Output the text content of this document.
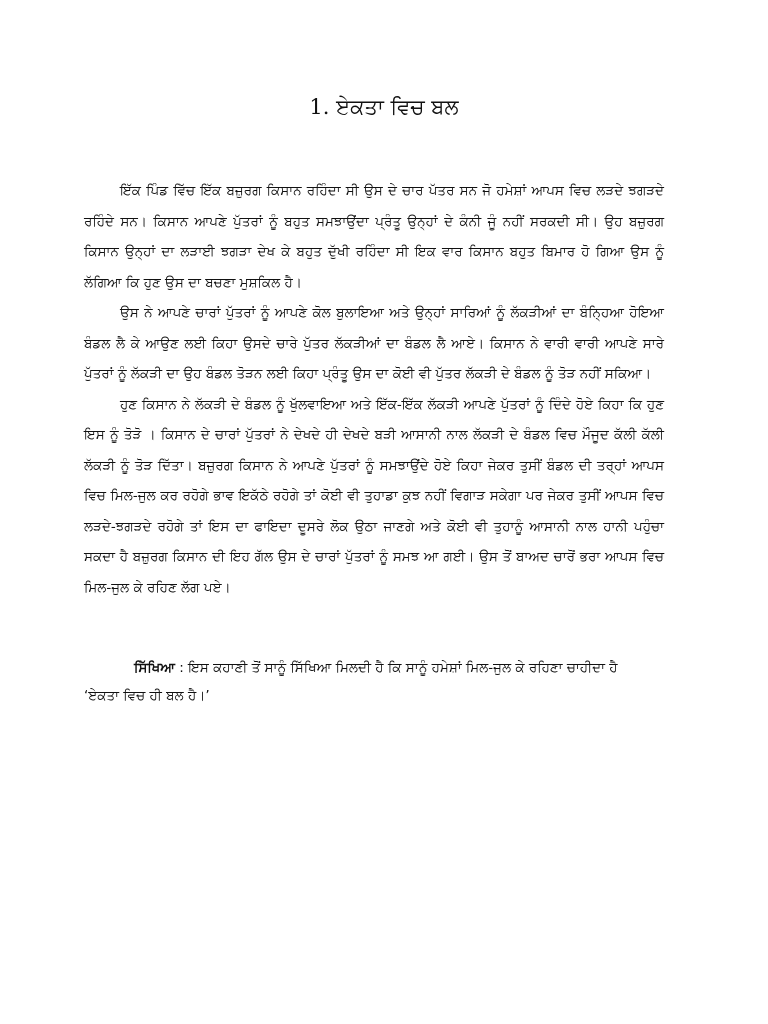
1. ਏਕਤਾ ਵਿਚ ਬਲ

ਇੱਕ ਪਿੰਡ ਵਿੱਚ ਇੱਕ ਬਜ਼ੁਰਗ ਕਿਸਾਨ ਰਹਿੰਦਾ ਸੀ ਉਸ ਦੇ ਚਾਰ ਪੱਤਰ ਸਨ ਜੋ ਹਮੇਸ਼ਾਂ ਆਪਸ ਵਿਚ ਲੜਦੇ ਝਗੜਦੇ ਰਹਿੰਦੇ ਸਨ। ਕਿਸਾਨ ਆਪਣੇ ਪੁੱਤਰਾਂ ਨੂੰ ਬਹੁਤ ਸਮਝਾਉਂਦਾ ਪ੍ਰੰਤੂ ਉਨ੍ਹਾਂ ਦੇ ਕੰਨੀ ਜੂੰ ਨਹੀਂ ਸਰਕਦੀ ਸੀ। ਉਹ ਬਜ਼ੁਰਗ ਕਿਸਾਨ ਉਨ੍ਹਾਂ ਦਾ ਲੜਾਈ ਝਗੜਾ ਦੇਖ ਕੇ ਬਹੁਤ ਦੁੱਖੀ ਰਹਿੰਦਾ ਸੀ ਇਕ ਵਾਰ ਕਿਸਾਨ ਬਹੁਤ ਬਿਮਾਰ ਹੋ ਗਿਆ ਉਸ ਨੂੰ ਲੱਗਿਆ ਕਿ ਹੁਣ ਉਸ ਦਾ ਬਚਣਾ ਮੁਸ਼ਕਿਲ ਹੈ।

ਉਸ ਨੇ ਆਪਣੇ ਚਾਰਾਂ ਪੁੱਤਰਾਂ ਨੂੰ ਆਪਣੇ ਕੋਲ ਬੁਲਾਇਆ ਅਤੇ ਉਨ੍ਹਾਂ ਸਾਰਿਆਂ ਨੂੰ ਲੱਕੜੀਆਂ ਦਾ ਬੰਨ੍ਹਿਆ ਹੋਇਆ ਬੰਡਲ ਲੈ ਕੇ ਆਉਣ ਲਈ ਕਿਹਾ ਉਸਦੇ ਚਾਰੇ ਪੁੱਤਰ ਲੱਕੜੀਆਂ ਦਾ ਬੰਡਲ ਲੈ ਆਏ। ਕਿਸਾਨ ਨੇ ਵਾਰੀ ਵਾਰੀ ਆਪਣੇ ਸਾਰੇ ਪੁੱਤਰਾਂ ਨੂੰ ਲੱਕੜੀ ਦਾ ਉਹ ਬੰਡਲ ਤੋੜਨ ਲਈ ਕਿਹਾ ਪ੍ਰੰਤੂ ਉਸ ਦਾ ਕੋਈ ਵੀ ਪੁੱਤਰ ਲੱਕੜੀ ਦੇ ਬੰਡਲ ਨੂੰ ਤੋੜ ਨਹੀਂ ਸਕਿਆ।

ਹੁਣ ਕਿਸਾਨ ਨੇ ਲੱਕੜੀ ਦੇ ਬੰਡਲ ਨੂੰ ਖੁੱਲਵਾਇਆ ਅਤੇ ਇੱਕ-ਇੱਕ ਲੱਕੜੀ ਆਪਣੇ ਪੁੱਤਰਾਂ ਨੂੰ ਦਿੰਦੇ ਹੋਏ ਕਿਹਾ ਕਿ ਹੁਣ ਇਸ ਨੂੰ ਤੋੜੋ । ਕਿਸਾਨ ਦੇ ਚਾਰਾਂ ਪੁੱਤਰਾਂ ਨੇ ਦੇਖਦੇ ਹੀ ਦੇਖਦੇ ਬੜੀ ਆਸਾਨੀ ਨਾਲ ਲੱਕੜੀ ਦੇ ਬੰਡਲ ਵਿਚ ਮੌਜੂਦ ਕੱਲੀ ਕੱਲੀ ਲੱਕੜੀ ਨੂੰ ਤੋੜ ਦਿੱਤਾ। ਬਜ਼ੁਰਗ ਕਿਸਾਨ ਨੇ ਆਪਣੇ ਪੁੱਤਰਾਂ ਨੂੰ ਸਮਝਾਉਂਦੇ ਹੋਏ ਕਿਹਾ ਜੇਕਰ ਤੁਸੀਂ ਬੰਡਲ ਦੀ ਤਰ੍ਹਾਂ ਆਪਸ ਵਿਚ ਮਿਲ-ਜੁਲ ਕਰ ਰਹੋਗੇ ਭਾਵ ਇਕੱਠੇ ਰਹੋਗੇ ਤਾਂ ਕੋਈ ਵੀ ਤੁਹਾਡਾ ਕੁਝ ਨਹੀਂ ਵਿਗਾੜ ਸਕੇਗਾ ਪਰ ਜੇਕਰ ਤੁਸੀਂ ਆਪਸ ਵਿਚ ਲੜਦੇ-ਝਗੜਦੇ ਰਹੋਗੇ ਤਾਂ ਇਸ ਦਾ ਫਾਇਦਾ ਦੂਸਰੇ ਲੋਕ ਉਠਾ ਜਾਣਗੇ ਅਤੇ ਕੋਈ ਵੀ ਤੁਹਾਨੂੰ ਆਸਾਨੀ ਨਾਲ ਹਾਨੀ ਪਹੁੰਚਾ ਸਕਦਾ ਹੈ ਬਜ਼ੁਰਗ ਕਿਸਾਨ ਦੀ ਇਹ ਗੱਲ ਉਸ ਦੇ ਚਾਰਾਂ ਪੁੱਤਰਾਂ ਨੂੰ ਸਮਝ ਆ ਗਈ। ਉਸ ਤੋਂ ਬਾਅਦ ਚਾਰੋਂ ਭਰਾ ਆਪਸ ਵਿਚ ਮਿਲ-ਜੁਲ ਕੇ ਰਹਿਣ ਲੱਗ ਪਏ।

ਸਿੱਖਿਆ : ਇਸ ਕਹਾਣੀ ਤੋਂ ਸਾਨੂੰ ਸਿੱਖਿਆ ਮਿਲਦੀ ਹੈ ਕਿ ਸਾਨੂੰ ਹਮੇਸ਼ਾਂ ਮਿਲ-ਜੁਲ ਕੇ ਰਹਿਣਾ ਚਾਹੀਦਾ ਹੈ

‘ਏਕਤਾ ਵਿਚ ਹੀ ਬਲ ਹੈ।’
